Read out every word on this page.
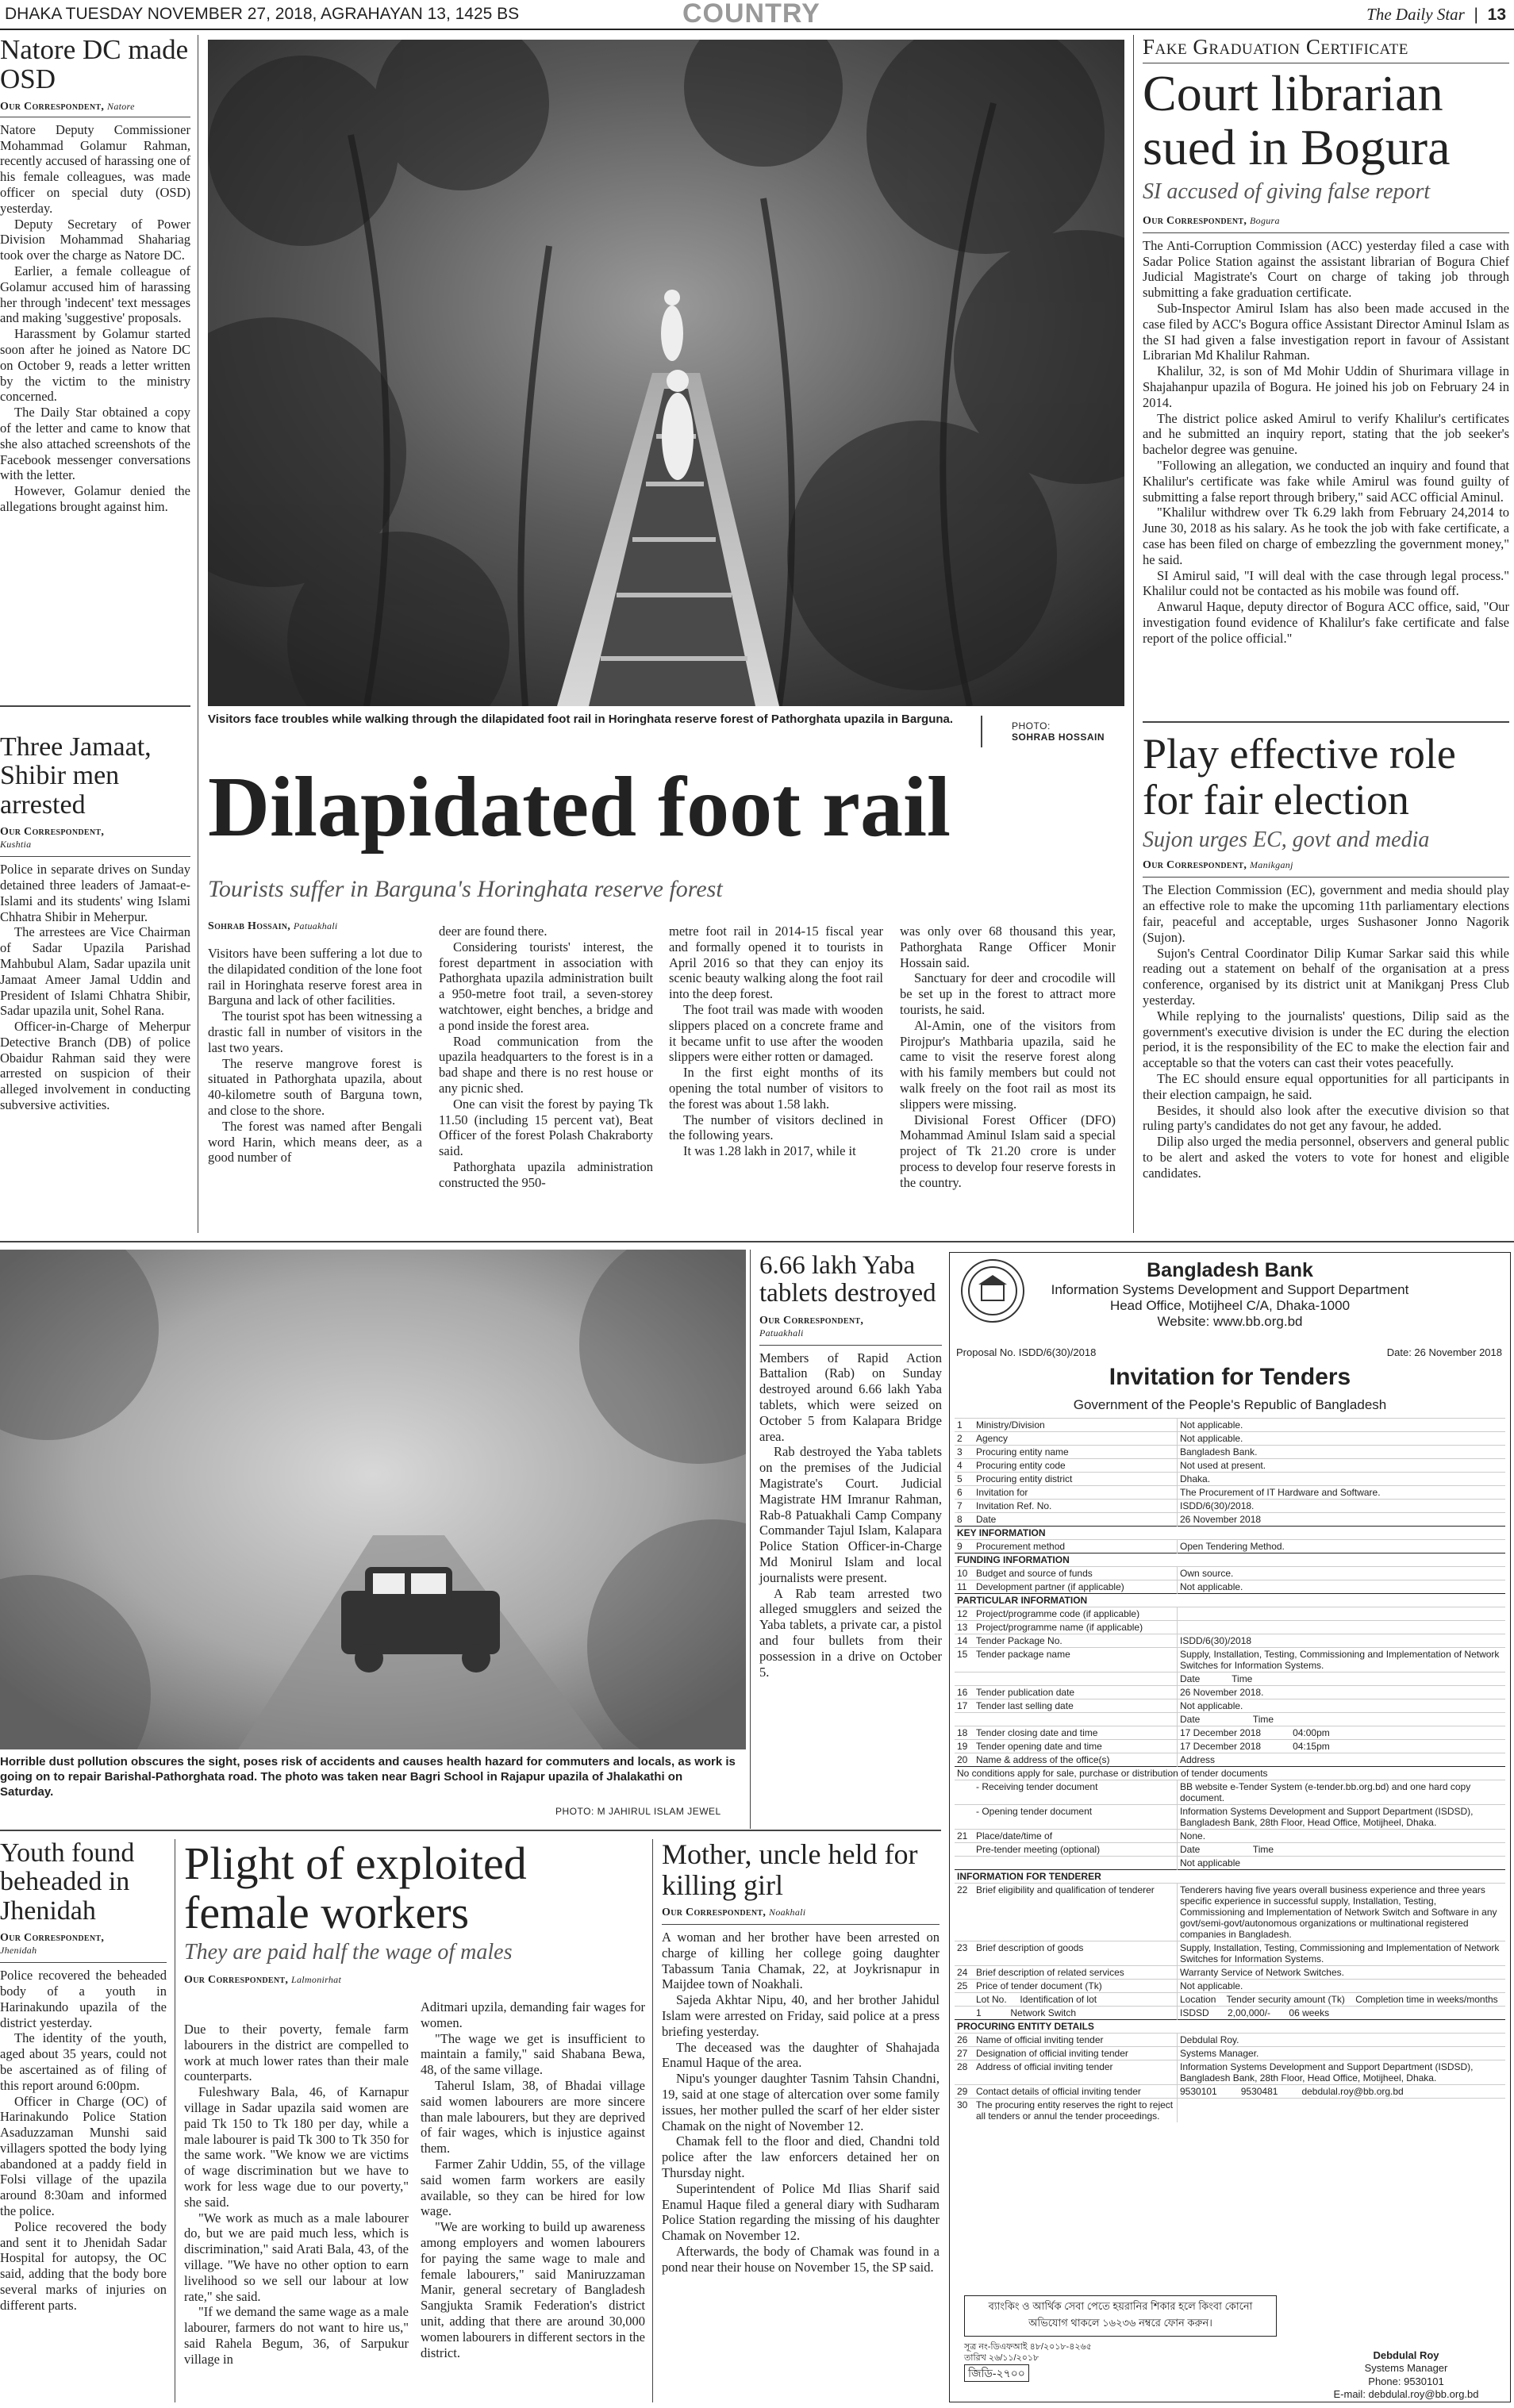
DHAKA TUESDAY NOVEMBER 27, 2018, AGRAHAYAN 13, 1425 BS	COUNTRY	The Daily Star  |  13
Natore DC made OSD
Our Correspondent, Natore

Natore Deputy Commissioner Mohammad Golamur Rahman, recently accused of harassing one of his female colleagues, was made officer on special duty (OSD) yesterday.

Deputy Secretary of Power Division Mohammad Shahariag took over the charge as Natore DC.

Earlier, a female colleague of Golamur accused him of harassing her through 'indecent' text messages and making 'suggestive' proposals.

Harassment by Golamur started soon after he joined as Natore DC on October 9, reads a letter written by the victim to the ministry concerned.

The Daily Star obtained a copy of the letter and came to know that she also attached screenshots of the Facebook messenger conversations with the letter.

However, Golamur denied the allegations brought against him.

Three Jamaat, Shibir men arrested
Our Correspondent,
Kushtia

Police in separate drives on Sunday detained three leaders of Jamaat-e-Islami and its students' wing Islami Chhatra Shibir in Meherpur.

The arrestees are Vice Chairman of Sadar Upazila Parishad Mahbubul Alam, Sadar upazila unit Jamaat Ameer Jamal Uddin and President of Islami Chhatra Shibir, Sadar upazila unit, Sohel Rana.

Officer-in-Charge of Meherpur Detective Branch (DB) of police Obaidur Rahman said they were arrested on suspicion of their alleged involvement in conducting subversive activities.

Visitors face troubles while walking through the dilapidated foot rail in Horinghata reserve forest of Pathorghata upazila in Barguna.	PHOTO:
SOHRAB HOSSAIN
Dilapidated foot rail
Tourists suffer in Barguna's Horinghata reserve forest
Sohrab Hossain, Patuakhali

Visitors have been suffering a lot due to the dilapidated condition of the lone foot rail in Horinghata reserve forest area in Barguna and lack of other facilities.

The tourist spot has been witnessing a drastic fall in number of visitors in the last two years.

The reserve mangrove forest is situated in Pathorghata upazila, about 40-kilometre south of Barguna town, and close to the shore.

The forest was named after Bengali word Harin, which means deer, as a good number of

deer are found there.

Considering tourists' interest, the forest department in association with Pathorghata upazila administration built a 950-metre foot trail, a seven-storey watchtower, eight benches, a bridge and a pond inside the forest area.

Road communication from the upazila headquarters to the forest is in a bad shape and there is no rest house or any picnic shed.

One can visit the forest by paying Tk 11.50 (including 15 percent vat), Beat Officer of the forest Polash Chakraborty said.

Pathorghata upazila administration constructed the 950-

metre foot rail in 2014-15 fiscal year and formally opened it to tourists in April 2016 so that they can enjoy its scenic beauty walking along the foot rail into the deep forest.

The foot trail was made with wooden slippers placed on a concrete frame and it became unfit to use after the wooden slippers were either rotten or damaged.

In the first eight months of its opening the total number of visitors to the forest was about 1.58 lakh.

The number of visitors declined in the following years.

It was 1.28 lakh in 2017, while it

was only over 68 thousand this year, Pathorghata Range Officer Monir Hossain said.

Sanctuary for deer and crocodile will be set up in the forest to attract more tourists, he said.

Al-Amin, one of the visitors from Pirojpur's Mathbaria upazila, said he came to visit the reserve forest along with his family members but could not walk freely on the foot rail as most its slippers were missing.

Divisional Forest Officer (DFO) Mohammad Aminul Islam said a special project of Tk 21.20 crore is under process to develop four reserve forests in the country.

Fake Graduation Certificate
Court librarian sued in Bogura
SI accused of giving false report
Our Correspondent, Bogura

The Anti-Corruption Commission (ACC) yesterday filed a case with Sadar Police Station against the assistant librarian of Bogura Chief Judicial Magistrate's Court on charge of taking job through submitting a fake graduation certificate.

Sub-Inspector Amirul Islam has also been made accused in the case filed by ACC's Bogura office Assistant Director Aminul Islam as the SI had given a false investigation report in favour of Assistant Librarian Md Khalilur Rahman.

Khalilur, 32, is son of Md Mohir Uddin of Shurimara village in Shajahanpur upazila of Bogura. He joined his job on February 24 in 2014.

The district police asked Amirul to verify Khalilur's certificates and he submitted an inquiry report, stating that the job seeker's bachelor degree was genuine.

"Following an allegation, we conducted an inquiry and found that Khalilur's certificate was fake while Amirul was found guilty of submitting a false report through bribery," said ACC official Aminul.

"Khalilur withdrew over Tk 6.29 lakh from February 24,2014 to June 30, 2018 as his salary. As he took the job with fake certificate, a case has been filed on charge of embezzling the government money," he said.

SI Amirul said, "I will deal with the case through legal process." Khalilur could not be contacted as his mobile was found off.

Anwarul Haque, deputy director of Bogura ACC office, said, "Our investigation found evidence of Khalilur's fake certificate and false report of the police official."

Play effective role for fair election
Sujon urges EC, govt and media
Our Correspondent, Manikganj

The Election Commission (EC), government and media should play an effective role to make the upcoming 11th parliamentary elections fair, peaceful and acceptable, urges Sushasoner Jonno Nagorik (Sujon).

Sujon's Central Coordinator Dilip Kumar Sarkar said this while reading out a statement on behalf of the organisation at a press conference, organised by its district unit at Manikganj Press Club yesterday.

While replying to the journalists' questions, Dilip said as the government's executive division is under the EC during the election period, it is the responsibility of the EC to make the election fair and acceptable so that the voters can cast their votes peacefully.

The EC should ensure equal opportunities for all participants in their election campaign, he said.

Besides, it should also look after the executive division so that ruling party's candidates do not get any favour, he added.

Dilip also urged the media personnel, observers and general public to be alert and asked the voters to vote for honest and eligible candidates.

Horrible dust pollution obscures the sight, poses risk of accidents and causes health hazard for commuters and locals, as work is going on to repair Barishal-Pathorghata road. The photo was taken near Bagri School in Rajapur upazila of Jhalakathi on Saturday.
PHOTO: M JAHIRUL ISLAM JEWEL
6.66 lakh Yaba tablets destroyed
Our Correspondent,
Patuakhali

Members of Rapid Action Battalion (Rab) on Sunday destroyed around 6.66 lakh Yaba tablets, which were seized on October 5 from Kalapara Bridge area.

Rab destroyed the Yaba tablets on the premises of the Judicial Magistrate's Court. Judicial Magistrate HM Imranur Rahman, Rab-8 Patuakhali Camp Company Commander Tajul Islam, Kalapara Police Station Officer-in-Charge Md Monirul Islam and local journalists were present.

A Rab team arrested two alleged smugglers and seized the Yaba tablets, a private car, a pistol and four bullets from their possession in a drive on October 5.

Bangladesh Bank
Information Systems Development and Support Department
Head Office, Motijheel C/A, Dhaka-1000
Website: www.bb.org.bd
Proposal No. ISDD/6(30)/2018	Date: 26 November 2018
Invitation for Tenders
Government of the People's Republic of Bangladesh
1	Ministry/Division	Not applicable.
2	Agency	Not applicable.
3	Procuring entity name	Bangladesh Bank.
4	Procuring entity code	Not used at present.
5	Procuring entity district	Dhaka.
6	Invitation for	The Procurement of IT Hardware and Software.
7	Invitation Ref. No.	ISDD/6(30)/2018.
8	Date	26 November 2018
KEY INFORMATION		
9	Procurement method	Open Tendering Method.
FUNDING INFORMATION		
10	Budget and source of funds	Own source.
11	Development partner (if applicable)	Not applicable.
PARTICULAR INFORMATION		
12	Project/programme code (if applicable)	
13	Project/programme name (if applicable)	
14	Tender Package No.	ISDD/6(30)/2018
15	Tender package name	Supply, Installation, Testing, Commissioning and Implementation of Network Switches for Information Systems.
		Date            Time
16	Tender publication date	26 November 2018.
17	Tender last selling date	Not applicable.
		Date                    Time
18	Tender closing date and time	17 December 2018            04:00pm
19	Tender opening date and time	17 December 2018            04:15pm
20	Name & address of the office(s)	Address
No conditions apply for sale, purchase or distribution of tender documents		
	- Receiving tender document	BB website e-Tender System (e-tender.bb.org.bd) and one hard copy document.
	- Opening tender document	Information Systems Development and Support Department (ISDSD), Bangladesh Bank, 28th Floor, Head Office, Motijheel, Dhaka.
21	Place/date/time of	None.
	Pre-tender meeting (optional)	Date                    Time
		Not applicable
INFORMATION FOR TENDERER		
22	Brief eligibility and qualification of tenderer	Tenderers having five years overall business experience and three years specific experience in successful supply, Installation, Testing, Commissioning and Implementation of Network Switch and Software in any govt/semi-govt/autonomous organizations or multinational registered companies in Bangladesh.
23	Brief description of goods	Supply, Installation, Testing, Commissioning and Implementation of Network Switches for Information Systems.
24	Brief description of related services	Warranty Service of Network Switches.
25	Price of tender document (Tk)	Not applicable.
	Lot No.     Identification of lot	Location    Tender security amount (Tk)    Completion time in weeks/months
	1           Network Switch	ISDSD       2,00,000/-       06 weeks
PROCURING ENTITY DETAILS		
26	Name of official inviting tender	Debdulal Roy.
27	Designation of official inviting tender	Systems Manager.
28	Address of official inviting tender	Information Systems Development and Support Department (ISDSD), Bangladesh Bank, 28th Floor, Head Office, Motijheel, Dhaka.
29	Contact details of official inviting tender	9530101         9530481         debdulal.roy@bb.org.bd
30	The procuring entity reserves the right to reject all tenders or annul the tender proceedings.	
ব্যাংকিং ও আর্থিক সেবা পেতে হয়রানির শিকার হলে কিংবা কোনো অভিযোগ থাকলে ১৬২৩৬ নম্বরে ফোন করুন।
সূত্র নং-ডিএফআই ৪৮/২০১৮-৪২৬৫
তারিখ ২৬/১১/২০১৮
জিডি-২৭০০
Debdulal Roy
Systems Manager
Phone: 9530101
E-mail: debdulal.roy@bb.org.bd
Youth found beheaded in Jhenidah
Our Correspondent,
Jhenidah

Police recovered the beheaded body of a youth in Harinakundo upazila of the district yesterday.

The identity of the youth, aged about 35 years, could not be ascertained as of filing of this report around 6:00pm.

Officer in Charge (OC) of Harinakundo Police Station Asaduzzaman Munshi said villagers spotted the body lying abandoned at a paddy field in Folsi village of the upazila around 8:30am and informed the police.

Police recovered the body and sent it to Jhenidah Sadar Hospital for autopsy, the OC said, adding that the body bore several marks of injuries on different parts.

Plight of exploited female workers
They are paid half the wage of males
Our Correspondent, Lalmonirhat

Due to their poverty, female farm labourers in the district are compelled to work at much lower rates than their male counterparts.

Fuleshwary Bala, 46, of Karnapur village in Sadar upazila said women are paid Tk 150 to Tk 180 per day, while a male labourer is paid Tk 300 to Tk 350 for the same work. "We know we are victims of wage discrimination but we have to work for less wage due to our poverty," she said.

"We work as much as a male labourer do, but we are paid much less, which is discrimination," said Arati Bala, 43, of the village. "We have no other option to earn livelihood so we sell our labour at low rate," she said.

"If we demand the same wage as a male labourer, farmers do not want to hire us," said Rahela Begum, 36, of Sarpukur village in

Aditmari upzila, demanding fair wages for women.

"The wage we get is insufficient to maintain a family," said Shabana Bewa, 48, of the same village.

Taherul Islam, 38, of Bhadai village said women labourers are more sincere than male labourers, but they are deprived of fair wages, which is injustice against them.

Farmer Zahir Uddin, 55, of the village said women farm workers are easily available, so they can be hired for low wage.

"We are working to build up awareness among employers and women labourers for paying the same wage to male and female labourers," said Maniruzzaman Manir, general secretary of Bangladesh Sangjukta Sramik Federation's district unit, adding that there are around 30,000 women labourers in different sectors in the district.

Mother, uncle held for killing girl
Our Correspondent, Noakhali

A woman and her brother have been arrested on charge of killing her college going daughter Tabassum Tania Chamak, 22, at Joykrisnapur in Maijdee town of Noakhali.

Sajeda Akhtar Nipu, 40, and her brother Jahidul Islam were arrested on Friday, said police at a press briefing yesterday.

The deceased was the daughter of Shahajada Enamul Haque of the area.

Nipu's younger daughter Tasnim Tahsin Chandni, 19, said at one stage of altercation over some family issues, her mother pulled the scarf of her elder sister Chamak on the night of November 12.

Chamak fell to the floor and died, Chandni told police after the law enforcers detained her on Thursday night.

Superintendent of Police Md Ilias Sharif said Enamul Haque filed a general diary with Sudharam Police Station regarding the missing of his daughter Chamak on November 12.

Afterwards, the body of Chamak was found in a pond near their house on November 15, the SP said.
